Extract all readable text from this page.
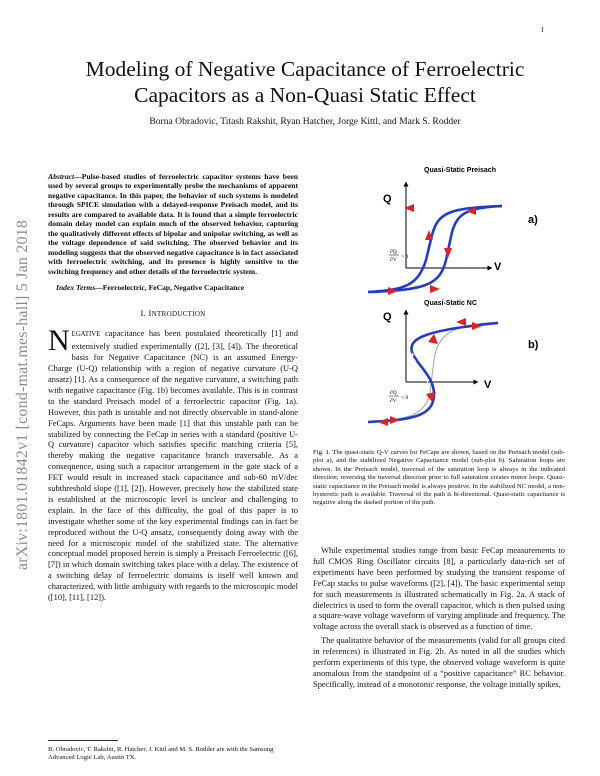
1
arXiv:1801.01842v1 [cond-mat.mes-hall] 5 Jan 2018
Modeling of Negative Capacitance of Ferroelectric Capacitors as a Non-Quasi Static Effect
Borna Obradovic, Titash Rakshit, Ryan Hatcher, Jorge Kittl, and Mark S. Rodder

Abstract—Pulse-based studies of ferroelectric capacitor systems have been used by several groups to experimentally probe the mechanisms of apparent negative capacitance. In this paper, the behavior of such systems is modeled through SPICE simulation with a delayed-response Preisach model, and its results are compared to available data. It is found that a simple ferroelectric domain delay model can explain much of the observed behavior, capturing the qualitatively different effects of bipolar and unipolar switching, as well as the voltage dependence of said switching. The observed behavior and its modeling suggests that the observed negative capacitance is in fact associated with ferroelectric switching, and its presence is highly sensitive to the switching frequency and other details of the ferroelectric system.

Index Terms—Ferroelectric, FeCap, Negative Capacitance

I. INTRODUCTION

NEGATIVE capacitance has been postulated theoretically [1] and extensively studied experimentally ([2], [3], [4]). The theoretical basis for Negative Capacitance (NC) is an assumed Energy-Charge (U-Q) relationship with a region of negative curvature (U-Q ansatz) [1]. As a consequence of the negative curvature, a switching path with negative capacitance (Fig. 1b) becomes available. This is in contrast to the standard Preisach model of a ferroelectric capacitor (Fig. 1a). However, this path is unstable and not directly observable in stand-alone FeCaps. Arguments have been made [1] that this unstable path can be stabilized by connecting the FeCap in series with a standard (positive U-Q curvature) capacitor which satisfies specific matching criteria [5], thereby making the negative capacitance branch traversable. As a consequence, using such a capacitor arrangement in the gate stack of a FET would result in increased stack capacitance and sub-60 mV/dec subthreshold slope ([1], [2]). However, precisely how the stabilized state is established at the microscopic level is unclear and challenging to explain. In the face of this difficulty, the goal of this paper is to investigate whether some of the key experimental findings can in fact be reproduced without the U-Q ansatz, consequently doing away with the need for a microscopic model of the stabilized state. The alternative conceptual model proposed herein is simply a Preisach Ferroelectric ([6], [7]) in which domain switching takes place with a delay. The existence of a switching delay of ferroelectric domains is itself well known and characterized, with little ambiguity with regards to the microscopic model ([10], [11], [12]).

B. Obradovic, T. Rakshit, R. Hatcher, J. Kittl and M. S. Rodder are with the Samsung Advanced Logic Lab, Austin TX.
Quasi-Static Preisach
Q
a)
V
∂Q
∂V > 0
Quasi-Static NC
Q
b)
V
∂Q
∂V < 0

Fig. 1. The quasi-static Q-V curves for FeCaps are shown, based on the Preisach model (sub-plot a), and the stabilized Negative Capacitance model (sub-plot b). Saturation loops are shown. In the Preisach model, traversal of the saturation loop is always in the indicated direction; reversing the traversal direction prior to full saturation creates minor loops. Quasi-static capacitance in the Preisach model is always positive. In the stabilized NC model, a non-hysteretic path is available. Traversal of the path is bi-directional. Quasi-static capacitance is negative along the dashed portion of the path.

While experimental studies range from basic FeCap measurements to full CMOS Ring Oscillator circuits [8], a particularly data-rich set of experiments have been performed by studying the transient response of FeCap stacks to pulse waveforms ([2], [4]). The basic experimental setup for such measurements is illustrated schematically in Fig. 2a. A stack of dielectrics is used to form the overall capacitor, which is then pulsed using a square-wave voltage waveform of varying amplitude and frequency. The voltage across the overall stack is observed as a function of time.

The qualitative behavior of the measurements (valid for all groups cited in references) is illustrated in Fig. 2b. As noted in all the studies which perform experiments of this type, the observed voltage waveform is quite anomalous from the standpoint of a “positive capacitance” RC behavior. Specifically, instead of a monotonic response, the voltage initially spikes,
